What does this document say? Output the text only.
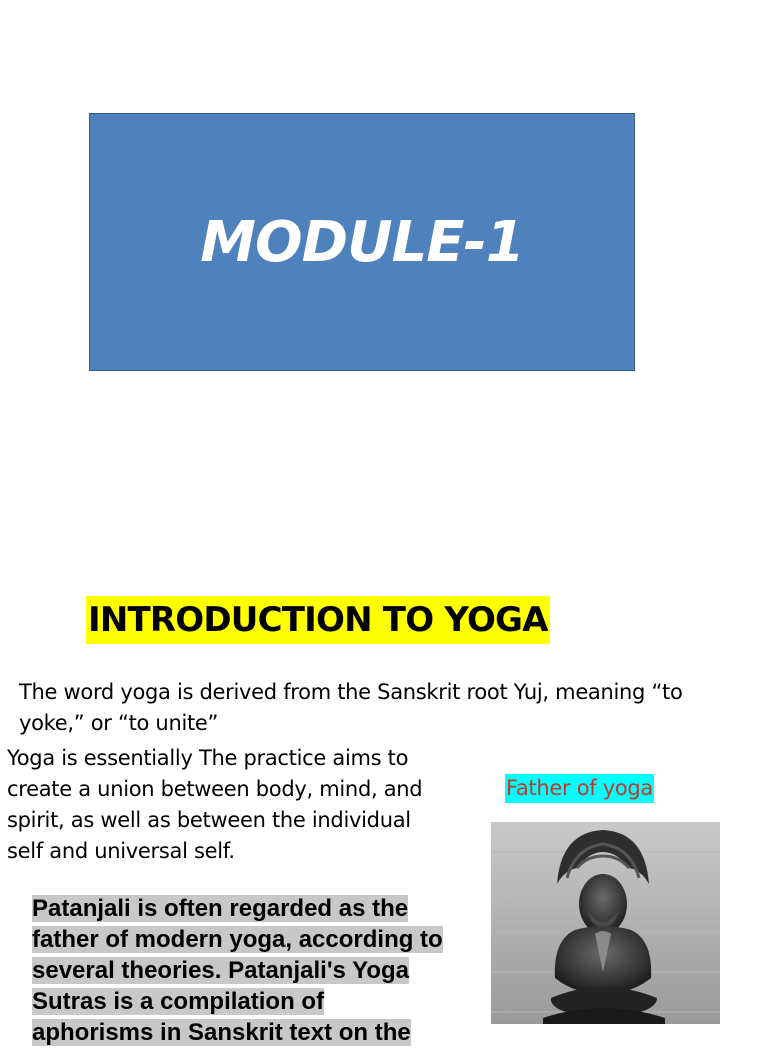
MODULE-1
INTRODUCTION TO YOGA
The word yoga is derived from the Sanskrit root Yuj, meaning “to yoke,” or “to unite”
Yoga is essentially The practice aims to create a union between body, mind, and spirit, as well as between the individual self and universal self.
Father of yoga
Patanjali is often regarded as the father of modern yoga, according to several theories. Patanjali's Yoga Sutras is a compilation of aphorisms in Sanskrit text on the
